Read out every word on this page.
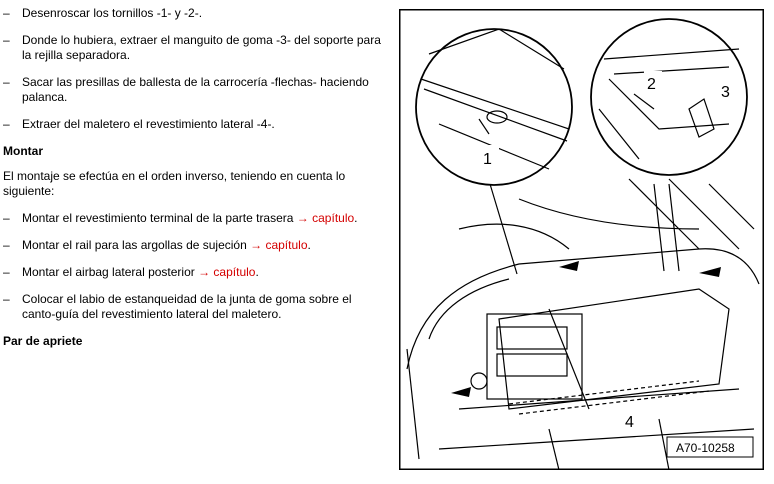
– Desenroscar los tornillos -1- y -2-.
– Donde lo hubiera, extraer el manguito de goma -3- del soporte para la rejilla separadora.
– Sacar las presillas de ballesta de la carrocería -flechas- haciendo palanca.
– Extraer del maletero el revestimiento lateral -4-.
Montar
El montaje se efectúa en el orden inverso, teniendo en cuenta lo siguiente:
– Montar el revestimiento terminal de la parte trasera → capítulo.
– Montar el rail para las argollas de sujeción → capítulo.
– Montar el airbag lateral posterior → capítulo.
– Colocar el labio de estanqueidad de la junta de goma sobre el canto-guía del revestimiento lateral del maletero.
Par de apriete
1
2	3
4
A70-10258
